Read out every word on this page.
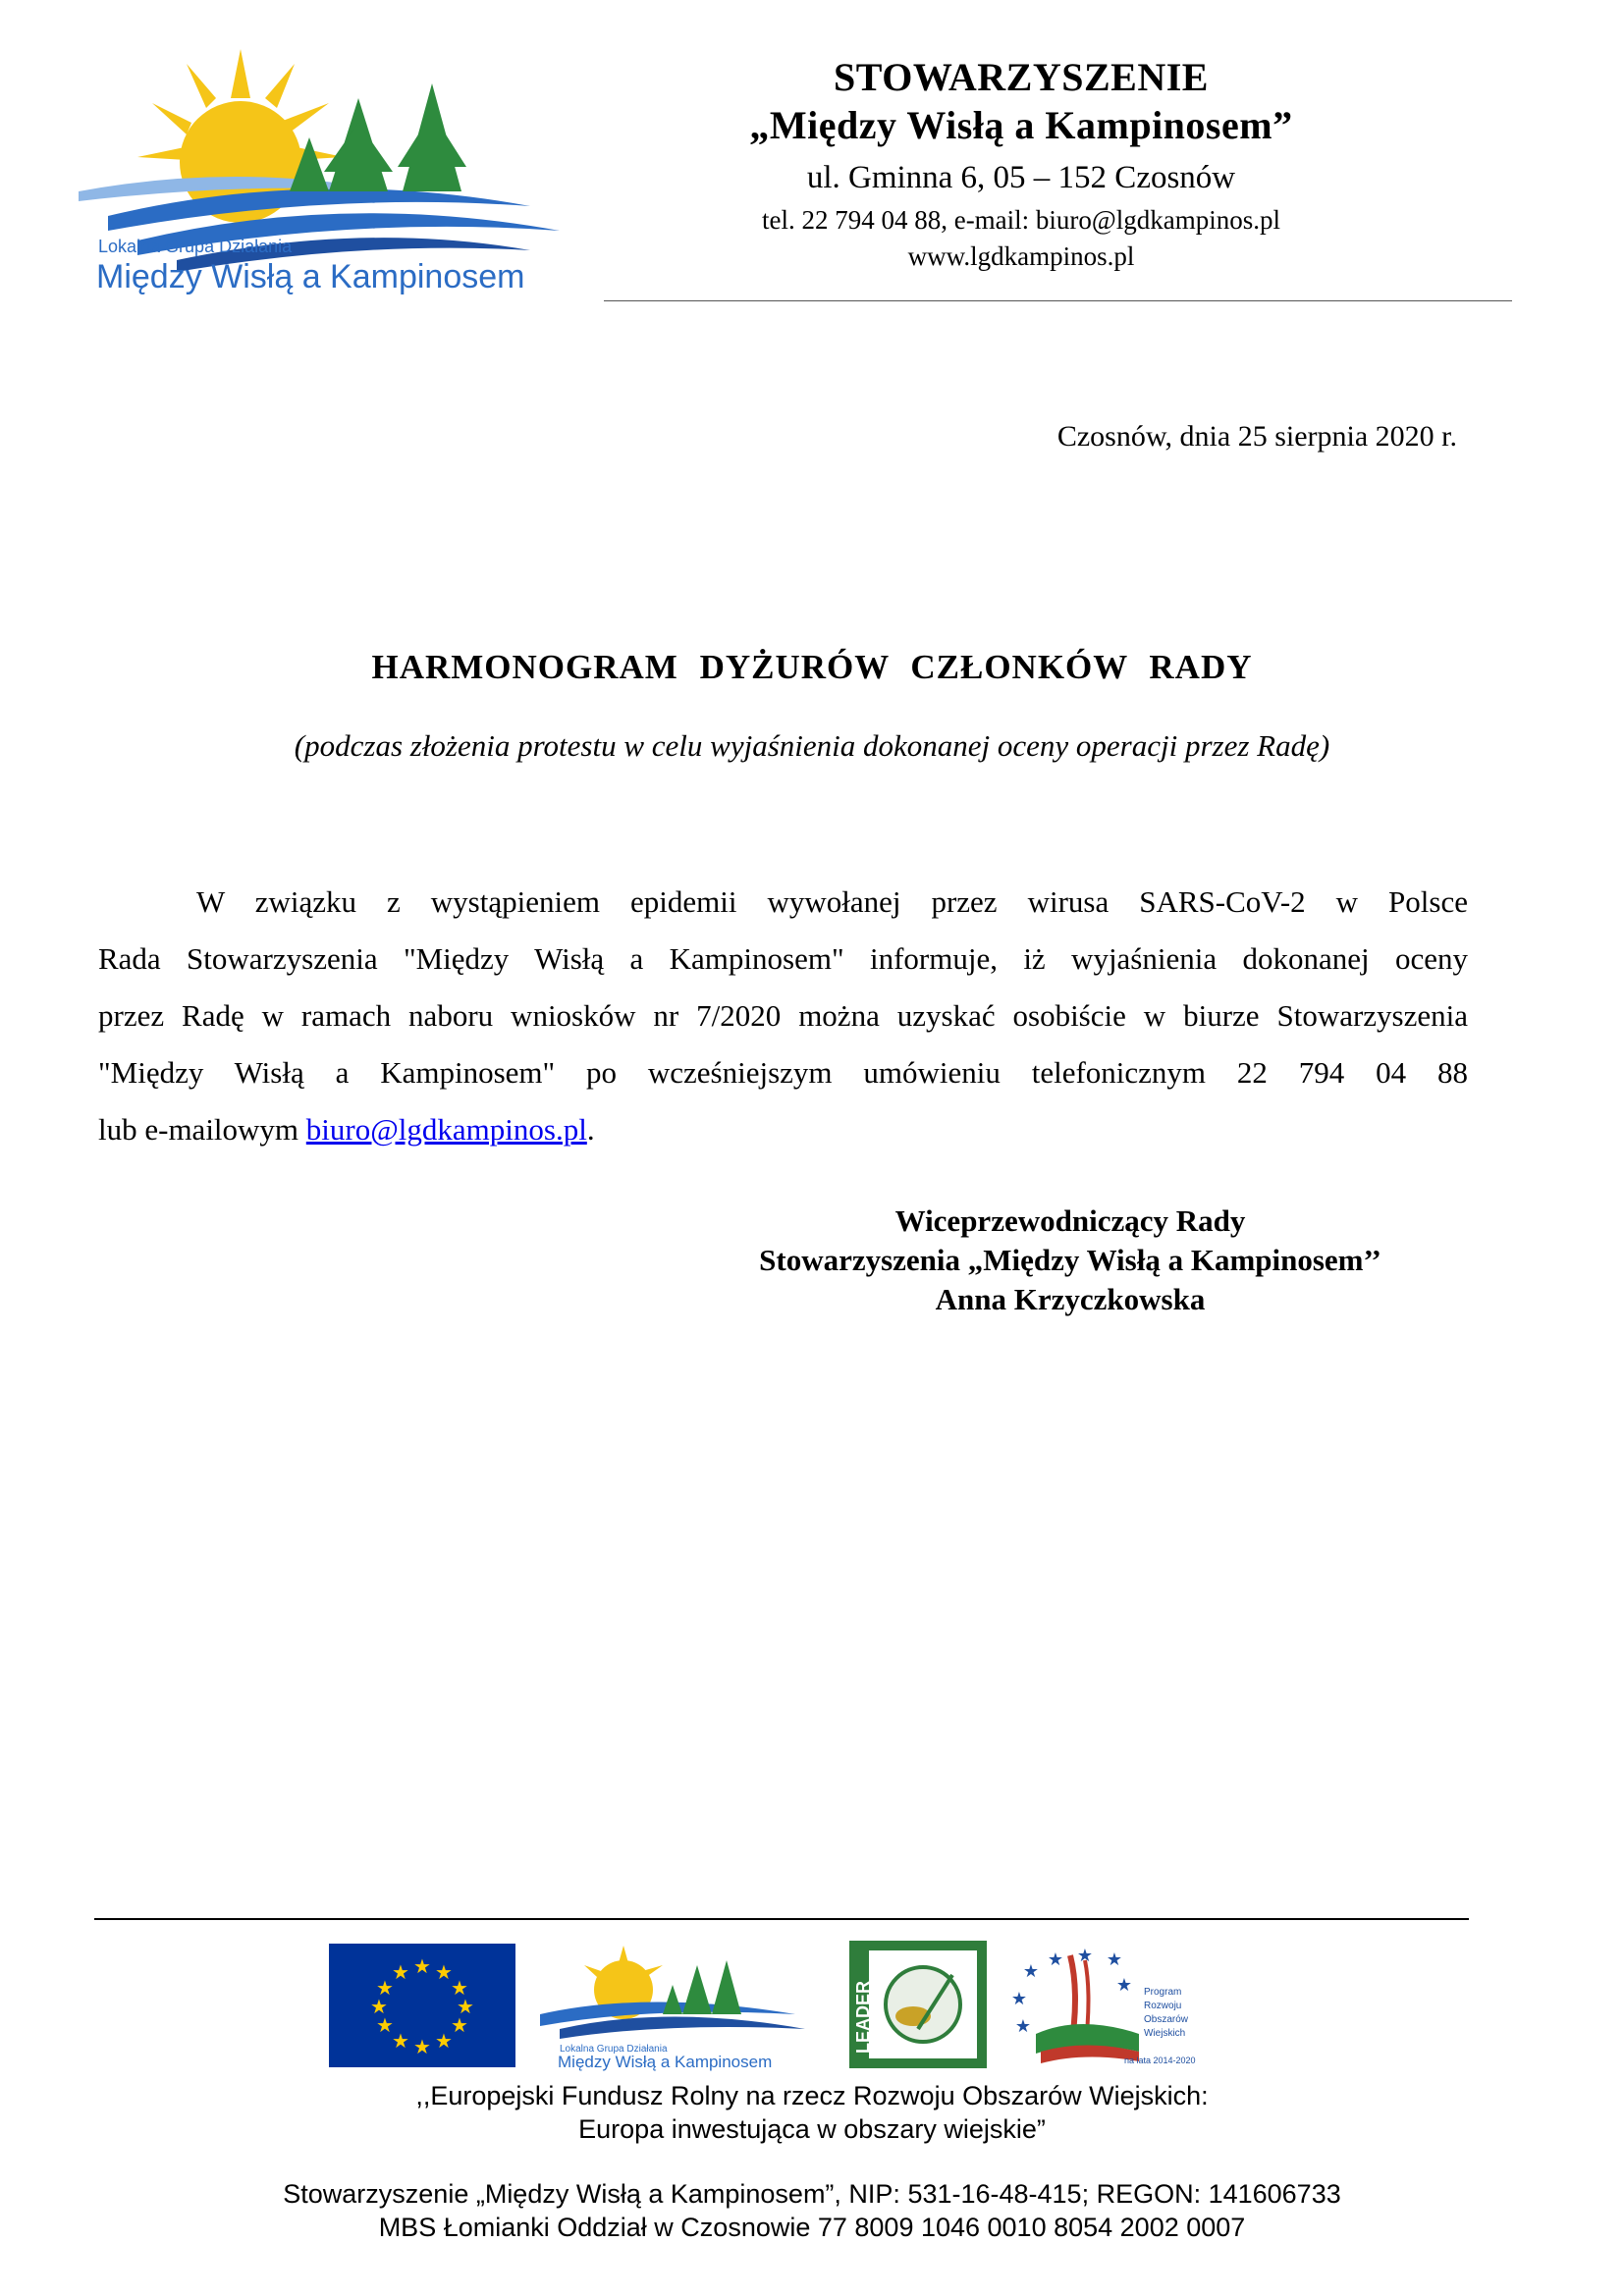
Lokalna Grupa Działania
Między Wisłą a Kampinosem
STOWARZYSZENIE
„Między Wisłą a Kampinosem”
ul. Gminna 6, 05 – 152 Czosnów
tel. 22 794 04 88, e-mail: biuro@lgdkampinos.pl
www.lgdkampinos.pl
Czosnów, dnia 25 sierpnia 2020 r.
HARMONOGRAM DYŻURÓW CZŁONKÓW RADY
(podczas złożenia protestu w celu wyjaśnienia dokonanej oceny operacji przez Radę)
W związku z wystąpieniem epidemii wywołanej przez wirusa SARS-CoV-2 w Polsce
Rada Stowarzyszenia "Między Wisłą a Kampinosem" informuje, iż wyjaśnienia dokonanej oceny
przez Radę w ramach naboru wniosków nr 7/2020 można uzyskać osobiście w biurze Stowarzyszenia
"Między Wisłą a Kampinosem" po wcześniejszym umówieniu telefonicznym 22 794 04 88
lub e-mailowym biuro@lgdkampinos.pl.
Wiceprzewodniczący Rady
Stowarzyszenia „Między Wisłą a Kampinosem’’
Anna Krzyczkowska
★ ★
★
★
★
★
★
★
★
★
★
★
Lokalna Grupa Działania
Między Wisłą a Kampinosem
LEADER
★
★ ★ ★
★
★
★ Program
Rozwoju
Obszarów
Wiejskich
na lata 2014-2020
,,Europejski Fundusz Rolny na rzecz Rozwoju Obszarów Wiejskich:
Europa inwestująca w obszary wiejskie”
Stowarzyszenie „Między Wisłą a Kampinosem”, NIP: 531-16-48-415; REGON: 141606733
MBS Łomianki Oddział w Czosnowie 77 8009 1046 0010 8054 2002 0007
